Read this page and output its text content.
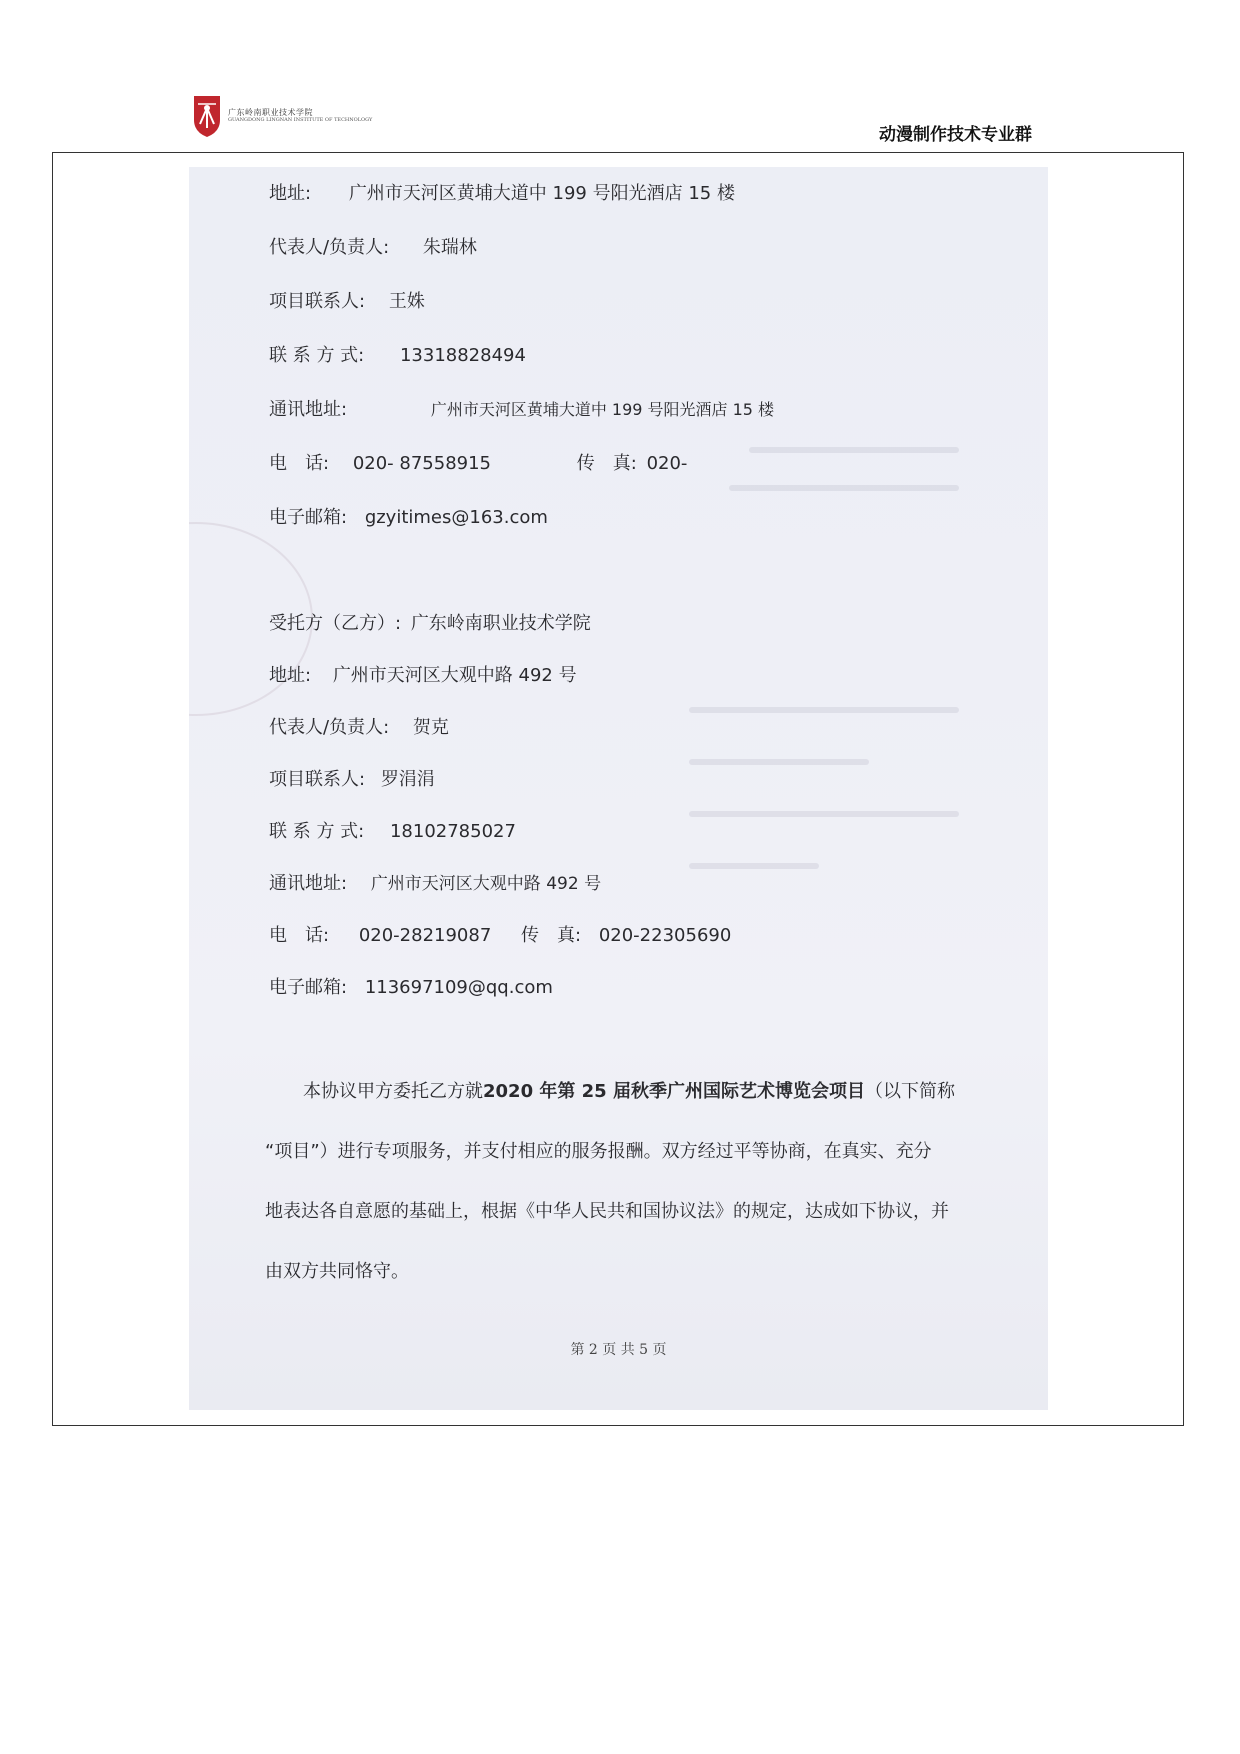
广东岭南职业技术学院
GUANGDONG LINGNAN INSTITUTE OF TECHNOLOGY
动漫制作技术专业群
地址: 广州市天河区黄埔大道中 199 号阳光酒店 15 楼
代表人/负责人: 朱瑞林
项目联系人: 王姝
联 系 方 式: 13318828494
通讯地址:	广州市天河区黄埔大道中 199 号阳光酒店 15 楼
电　话: 020- 87558915	传　真: 020-
电子邮箱: gzyitimes@163.com
受托方（乙方）: 广东岭南职业技术学院
地址: 广州市天河区大观中路 492 号
代表人/负责人: 贺克
项目联系人: 罗涓涓
联 系 方 式: 18102785027
通讯地址: 广州市天河区大观中路 492 号
电　话: 020-28219087 传　真: 020-22305690
电子邮箱: 113697109@qq.com
本协议甲方委托乙方就2020 年第 25 届秋季广州国际艺术博览会项目（以下简称
“项目”）进行专项服务，并支付相应的服务报酬。双方经过平等协商，在真实、充分
地表达各自意愿的基础上，根据《中华人民共和国协议法》的规定，达成如下协议，并
由双方共同恪守。
第 2 页 共 5 页
